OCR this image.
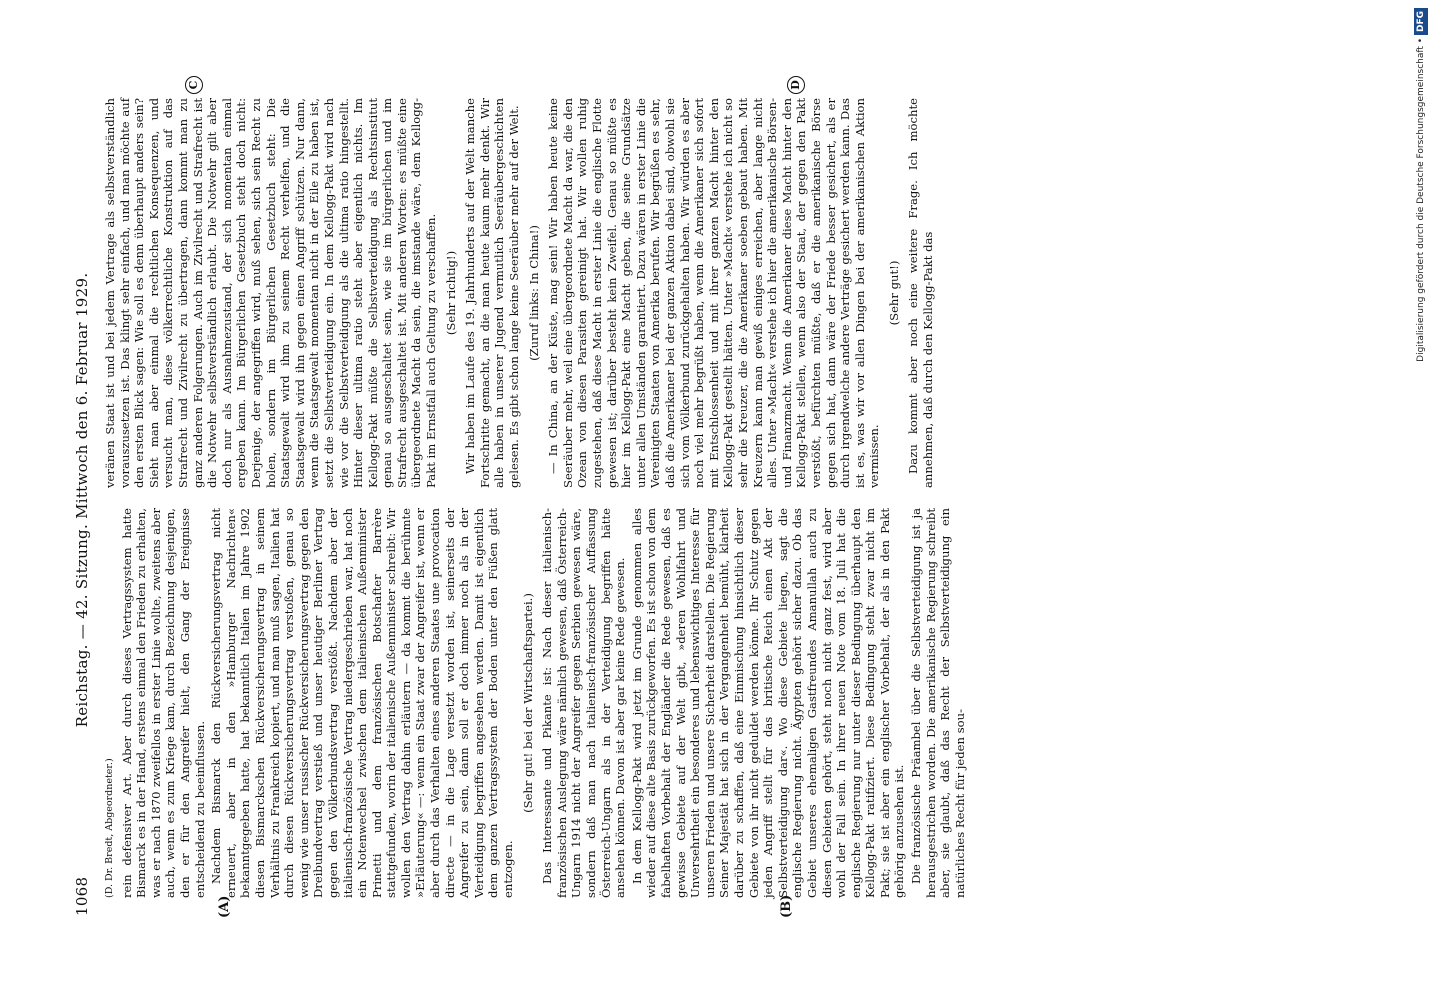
1068
Reichstag. — 42. Sitzung. Mittwoch den 6. Februar 1929.
(A)	(B)
C	D

(D. Dr. Bredt, Abgeordneter.) rein defensiver Art. Aber durch dieses Vertragssystem hatte Bismarck es in der Hand, erstens einmal den Frieden zu erhalten, was er nach 1870 zweifellos in erster Linie wollte, zweitens aber auch, wenn es zum Kriege kam, durch Bezeichnung desjenigen, den er für den Angreifer hielt, den Gang der Ereignisse entscheidend zu beeinflussen. Nachdem Bismarck den Rückversicherungsvertrag nicht erneuert, aber in den »Hamburger Nachrichten« bekanntgegeben hatte, hat bekanntlich Italien im Jahre 1902 diesen Bismarckschen Rückversicherungsvertrag in seinem Verhältnis zu Frankreich kopiert, und man muß sagen, Italien hat durch diesen Rückversicherungsvertrag verstoßen, genau so wenig wie unser russischer Rückversicherungsvertrag gegen den Dreibundvertrag verstieß und unser heutiger Berliner Vertrag gegen den Völkerbundsvertrag verstößt. Nachdem aber der italienisch-französische Vertrag niedergeschrieben war, hat noch ein Notenwechsel zwischen dem italienischen Außenminister Prinetti und dem französischen Botschafter Barrère stattgefunden, worin der italienische Außenminister schreibt: Wir wollen den Vertrag dahin erläutern — da kommt die berühmte »Erläuterung« —: wenn ein Staat zwar der Angreifer ist, wenn er aber durch das Verhalten eines anderen Staates une provocation directe — in die Lage versetzt worden ist, seinerseits der Angreifer zu sein, dann soll er doch immer noch als in der Verteidigung begriffen angesehen werden. Damit ist eigentlich dem ganzen Vertragssystem der Boden unter den Füßen glatt entzogen.

(Sehr gut! bei der Wirtschaftspartei.) Das Interessante und Pikante ist: Nach dieser italienisch-französischen Auslegung wäre nämlich gewesen, daß Österreich-Ungarn 1914 nicht der Angreifer gegen Serbien gewesen wäre, sondern daß man nach italienisch-französischer Auffassung Österreich-Ungarn als in der Verteidigung begriffen hätte ansehen können. Davon ist aber gar keine Rede gewesen. In dem Kellogg-Pakt wird jetzt im Grunde genommen alles wieder auf diese alte Basis zurückgeworfen. Es ist schon von dem fabelhaften Vorbehalt der Engländer die Rede gewesen, daß es gewisse Gebiete auf der Welt gibt, »deren Wohlfahrt und Unversehrtheit ein besonderes und lebenswichtiges Interesse für unseren Frieden und unsere Sicherheit darstellen. Die Regierung Seiner Majestät hat sich in der Vergangenheit bemüht, klarheit darüber zu schaffen, daß eine Einmischung hinsichtlich dieser Gebiete von ihr nicht geduldet werden könne. Ihr Schutz gegen jeden Angriff stellt für das britische Reich einen Akt der Selbstverteidigung dar«. Wo diese Gebiete liegen, sagt die englische Regierung nicht. Ägypten gehört sicher dazu. Ob das Gebiet unseres ehemaligen Gastfreundes Amanullah auch zu diesen Gebieten gehört, steht noch nicht ganz fest, wird aber wohl der Fall sein. In ihrer neuen Note vom 18. Juli hat die englische Regierung nur unter dieser Bedingung überhaupt den Kellogg-Pakt ratifiziert. Diese Bedingung steht zwar nicht im Pakt; sie ist aber ein englischer Vorbehalt, der als in den Pakt gehörig anzusehen ist. Die französische Präambel über die Selbstverteidigung ist ja herausgestrichen worden. Die amerikanische Regierung schreibt aber, sie glaubt, daß das Recht der Selbstverteidigung ein natürliches Recht für jeden sou-

veränen Staat ist und bei jedem Vertrage als selbstverständlich vorauszusetzen ist. Das klingt sehr einfach, und man möchte auf den ersten Blick sagen: Wie soll es denn überhaupt anders sein? Sieht man aber einmal die rechtlichen Konsequenzen, und versucht man, diese völkerrechtliche Konstruktion auf das Strafrecht und Zivilrecht zu übertragen, dann kommt man zu ganz anderen Folgerungen. Auch im Zivilrecht und Strafrecht ist die Notwehr selbstverständlich erlaubt. Die Notwehr gilt aber doch nur als Ausnahmezustand, der sich momentan einmal ergeben kann. Im Bürgerlichen Gesetzbuch steht doch nicht: Derjenige, der angegriffen wird, muß sehen, sich sein Recht zu holen, sondern im Bürgerlichen Gesetzbuch steht: Die Staatsgewalt wird ihm zu seinem Recht verhelfen, und die Staatsgewalt wird ihn gegen einen Angriff schützen. Nur dann, wenn die Staatsgewalt momentan nicht in der Eile zu haben ist, setzt die Selbstverteidigung ein. In dem Kellogg-Pakt wird nach wie vor die Selbstverteidigung als die ultima ratio hingestellt. Hinter dieser ultima ratio steht aber eigentlich nichts. Im Kellogg-Pakt müßte die Selbstverteidigung als Rechtsinstitut genau so ausgeschaltet sein, wie sie im bürgerlichen und im Strafrecht ausgeschaltet ist. Mit anderen Worten: es müßte eine übergeordnete Macht da sein, die imstande wäre, dem Kellogg-Pakt im Ernstfall auch Geltung zu verschaffen. (Sehr richtig!) Wir haben im Laufe des 19. Jahrhunderts auf der Welt manche Fortschritte gemacht, an die man heute kaum mehr denkt. Wir alle haben in unserer Jugend vermutlich Seeräubergeschichten gelesen. Es gibt schon lange keine Seeräuber mehr auf der Welt. (Zuruf links: In China!) — In China, an der Küste, mag sein! Wir haben heute keine Seeräuber mehr, weil eine übergeordnete Macht da war, die den Ozean von diesen Parasiten gereinigt hat. Wir wollen ruhig zugestehen, daß diese Macht in erster Linie die englische Flotte gewesen ist; darüber besteht kein Zweifel. Genau so müßte es hier im Kellogg-Pakt eine Macht geben, die seine Grundsätze unter allen Umständen garantiert. Dazu wären in erster Linie die Vereinigten Staaten von Amerika berufen. Wir begrüßen es sehr, daß die Amerikaner bei der ganzen Aktion dabei sind, obwohl sie sich vom Völkerbund zurückgehalten haben. Wir würden es aber noch viel mehr begrüßt haben, wenn die Amerikaner sich sofort mit Entschlossenheit und mit ihrer ganzen Macht hinter den Kellogg-Pakt gestellt hätten. Unter »Macht« verstehe ich nicht so sehr die Kreuzer, die die Amerikaner soeben gebaut haben. Mit Kreuzern kann man gewiß einiges erreichen, aber lange nicht alles. Unter »Macht« verstehe ich hier die amerikanische Börsen- und Finanzmacht. Wenn die Amerikaner diese Macht hinter den Kellogg-Pakt stellen, wenn also der Staat, der gegen den Pakt verstößt, befürchten müßte, daß er die amerikanische Börse gegen sich hat, dann wäre der Friede besser gesichert, als er durch irgendwelche andere Verträge gesichert werden kann. Das ist es, was wir vor allen Dingen bei der amerikanischen Aktion vermissen.

(Sehr gut!) Dazu kommt aber noch eine weitere Frage. Ich möchte annehmen, daß durch den Kellogg-Pakt das	Digitalisierung gefördert durch die Deutsche Forschungsgemeinschaft • DFG
